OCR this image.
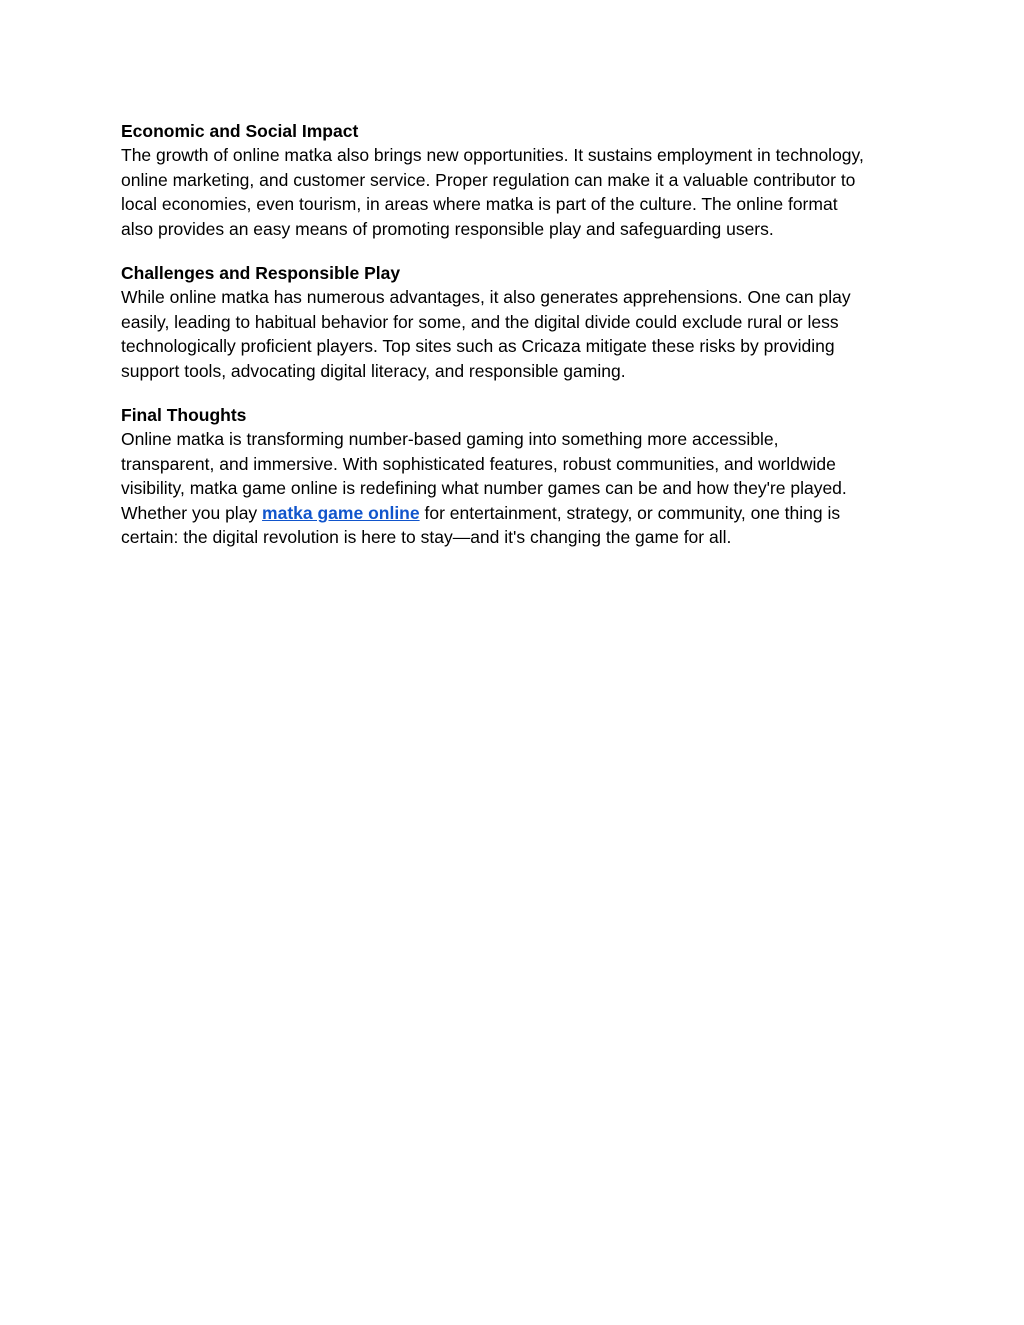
Economic and Social Impact

The growth of online matka also brings new opportunities. It sustains employment in technology,

online marketing, and customer service. Proper regulation can make it a valuable contributor to

local economies, even tourism, in areas where matka is part of the culture. The online format

also provides an easy means of promoting responsible play and safeguarding users.

Challenges and Responsible Play

While online matka has numerous advantages, it also generates apprehensions. One can play

easily, leading to habitual behavior for some, and the digital divide could exclude rural or less

technologically proficient players. Top sites such as Cricaza mitigate these risks by providing

support tools, advocating digital literacy, and responsible gaming.

Final Thoughts

Online matka is transforming number-based gaming into something more accessible,

transparent, and immersive. With sophisticated features, robust communities, and worldwide

visibility, matka game online is redefining what number games can be and how they're played.

Whether you play matka game online for entertainment, strategy, or community, one thing is

certain: the digital revolution is here to stay—and it's changing the game for all.
